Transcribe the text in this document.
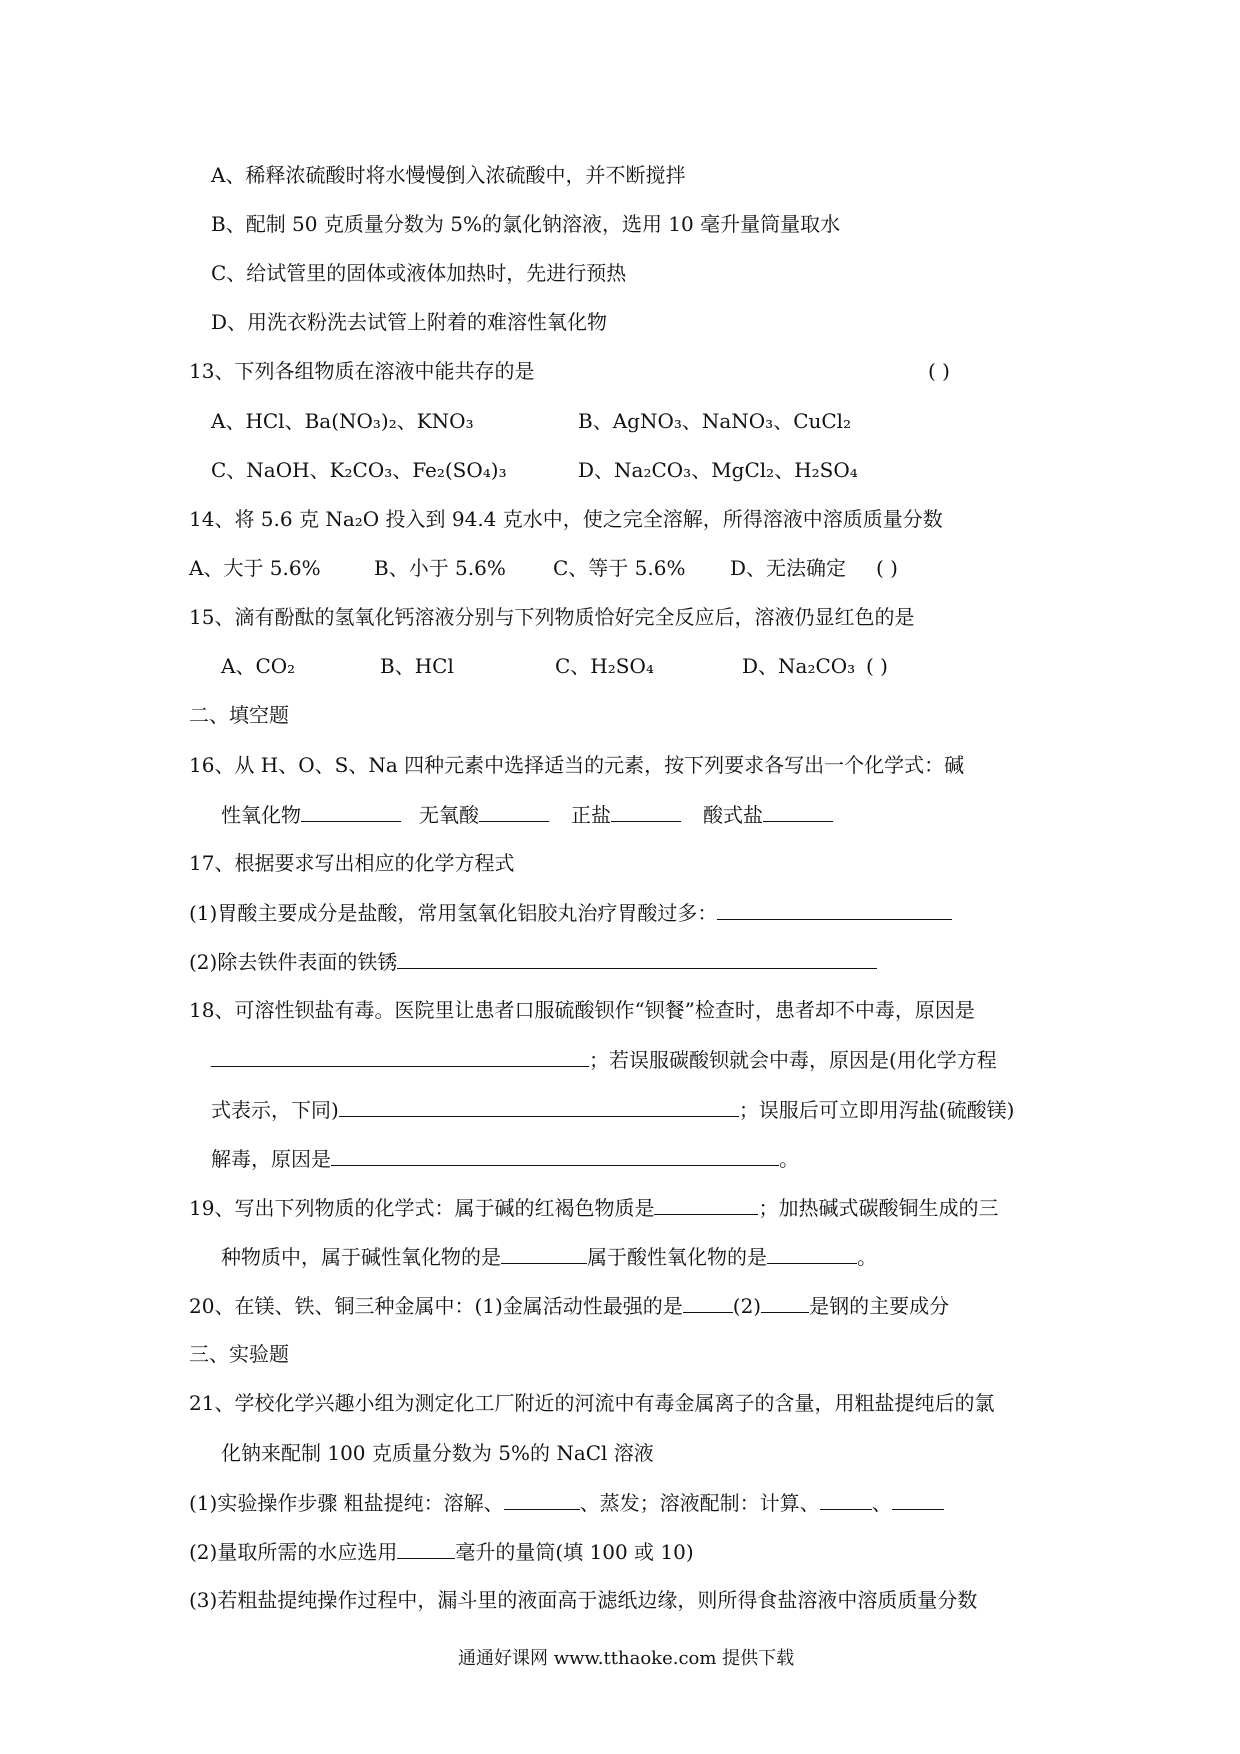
A、稀释浓硫酸时将水慢慢倒入浓硫酸中，并不断搅拌
B、配制 50 克质量分数为 5%的氯化钠溶液，选用 10 毫升量筒量取水
C、给试管里的固体或液体加热时，先进行预热
D、用洗衣粉洗去试管上附着的难溶性氧化物
13、下列各组物质在溶液中能共存的是	( )
A、HCl、Ba(NO₃)₂、KNO₃	B、AgNO₃、NaNO₃、CuCl₂
C、NaOH、K₂CO₃、Fe₂(SO₄)₃	D、Na₂CO₃、MgCl₂、H₂SO₄
14、将 5.6 克 Na₂O 投入到 94.4 克水中，使之完全溶解，所得溶液中溶质质量分数
A、大于 5.6%	B、小于 5.6% C、等于 5.6% D、无法确定 ( )
15、滴有酚酞的氢氧化钙溶液分别与下列物质恰好完全反应后，溶液仍显红色的是
A、CO₂	B、HCl	C、H₂SO₄	D、Na₂CO₃ ( )
二、填空题
16、从 H、O、S、Na 四种元素中选择适当的元素，按下列要求各写出一个化学式：碱
性氧化物	无氧酸	正盐	酸式盐
17、根据要求写出相应的化学方程式
(1)胃酸主要成分是盐酸，常用氢氧化铝胶丸治疗胃酸过多：
(2)除去铁件表面的铁锈
18、可溶性钡盐有毒。医院里让患者口服硫酸钡作“钡餐”检查时，患者却不中毒，原因是
；若误服碳酸钡就会中毒，原因是(用化学方程
式表示，下同)	；误服后可立即用泻盐(硫酸镁)
解毒，原因是	。
19、写出下列物质的化学式：属于碱的红褐色物质是	；加热碱式碳酸铜生成的三
种物质中，属于碱性氧化物的是	属于酸性氧化物的是	。
20、在镁、铁、铜三种金属中：(1)金属活动性最强的是	(2) 是钢的主要成分
三、实验题
21、学校化学兴趣小组为测定化工厂附近的河流中有毒金属离子的含量，用粗盐提纯后的氯
化钠来配制 100 克质量分数为 5%的 NaCl 溶液
(1)实验操作步骤 粗盐提纯：溶解、	、蒸发；溶液配制：计算、	、
(2)量取所需的水应选用	毫升的量筒(填 100 或 10)
(3)若粗盐提纯操作过程中，漏斗里的液面高于滤纸边缘，则所得食盐溶液中溶质质量分数
通通好课网 www.tthaoke.com 提供下载
